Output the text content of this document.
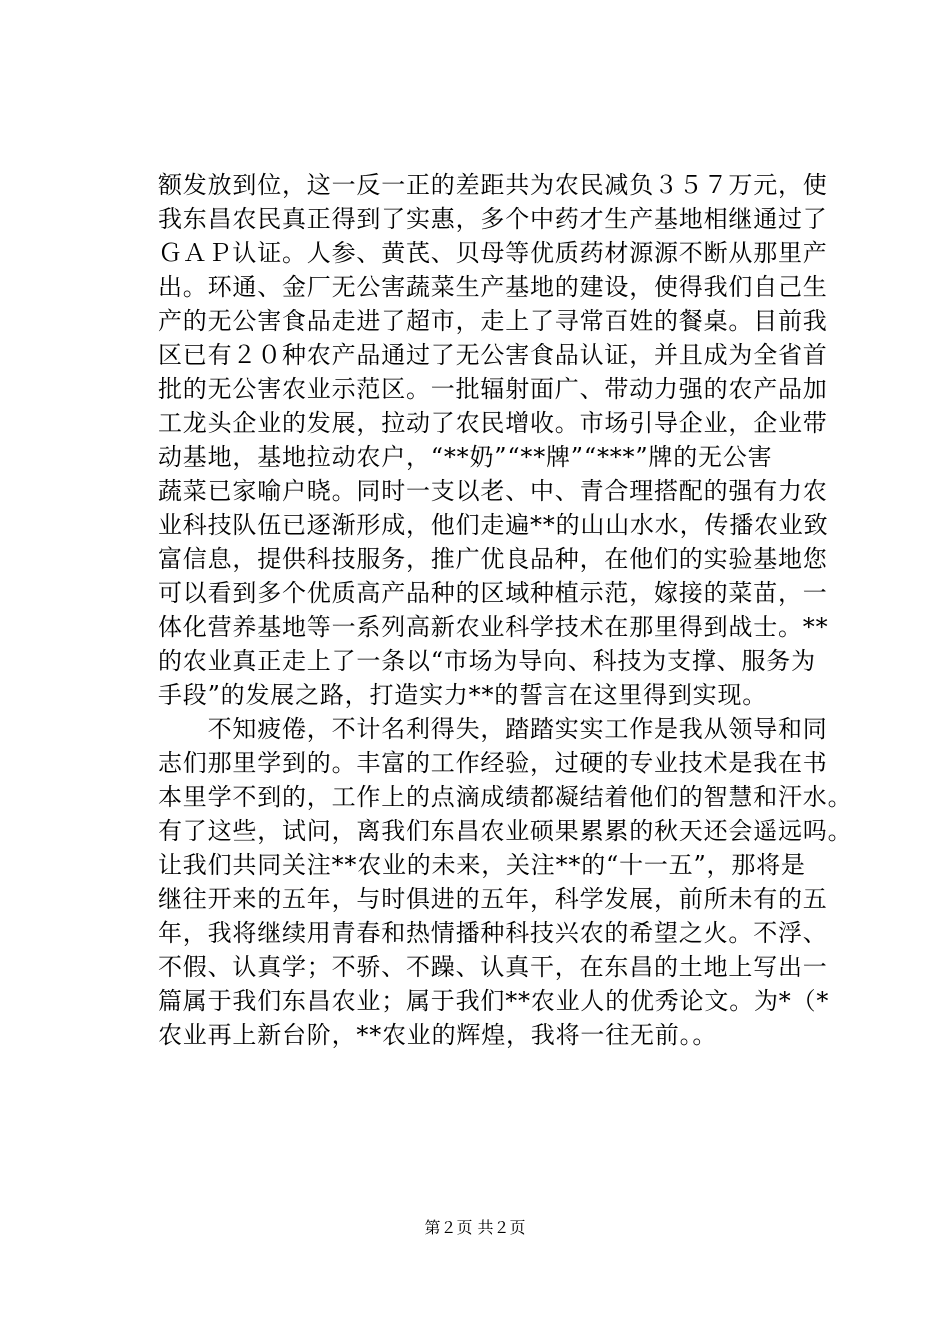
额发放到位，这一反一正的差距共为农民减负３５７万元，使
我东昌农民真正得到了实惠，多个中药才生产基地相继通过了
ＧＡＰ认证。人参、黄芪、贝母等优质药材源源不断从那里产
出。环通、金厂无公害蔬菜生产基地的建设，使得我们自己生
产的无公害食品走进了超市，走上了寻常百姓的餐桌。目前我
区已有２０种农产品通过了无公害食品认证，并且成为全省首
批的无公害农业示范区。一批辐射面广、带动力强的农产品加
工龙头企业的发展，拉动了农民增收。市场引导企业，企业带
动基地，基地拉动农户，“**奶”“**牌”“***”牌的无公害
蔬菜已家喻户晓。同时一支以老、中、青合理搭配的强有力农
业科技队伍已逐渐形成，他们走遍**的山山水水，传播农业致
富信息，提供科技服务，推广优良品种，在他们的实验基地您
可以看到多个优质高产品种的区域种植示范，嫁接的菜苗，一
体化营养基地等一系列高新农业科学技术在那里得到战士。**
的农业真正走上了一条以“市场为导向、科技为支撑、服务为
手段”的发展之路，打造实力**的誓言在这里得到实现。
　　不知疲倦，不计名利得失，踏踏实实工作是我从领导和同
志们那里学到的。丰富的工作经验，过硬的专业技术是我在书
本里学不到的，工作上的点滴成绩都凝结着他们的智慧和汗水。
有了这些，试问，离我们东昌农业硕果累累的秋天还会遥远吗。
让我们共同关注**农业的未来，关注**的“十一五”，那将是
继往开来的五年，与时俱进的五年，科学发展，前所未有的五
年，我将继续用青春和热情播种科技兴农的希望之火。不浮、
不假、认真学；不骄、不躁、认真干，在东昌的土地上写出一
篇属于我们东昌农业；属于我们**农业人的优秀论文。为*（*
农业再上新台阶，**农业的辉煌，我将一往无前。。
第２页 共２页
